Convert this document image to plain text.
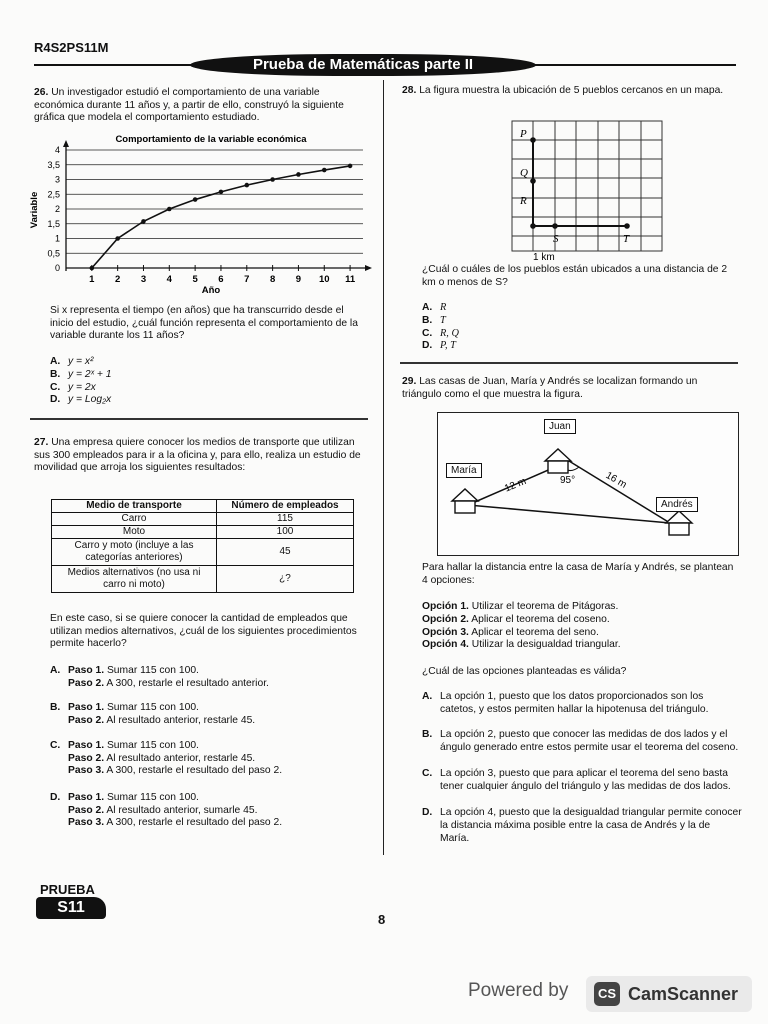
R4S2PS11M
Prueba de Matemáticas parte II
26. Un investigador estudió el comportamiento de una variable económica durante 11 años y, a partir de ello, construyó la siguiente gráfica que modela el comportamiento estudiado.
Comportamiento de la variable económica
0
0,5
1
1,5
2
2,5
3
3,5
4
1 2 3 4 5 6 7 8 9 10 11
Año
Variable
Si x representa el tiempo (en años) que ha transcurrido desde el inicio del estudio, ¿cuál función representa el comportamiento de la variable durante los 11 años?
A. y = x²
B. y = 2ˣ + 1
C. y = 2x
D. y = Log₂x
27. Una empresa quiere conocer los medios de transporte que utilizan sus 300 empleados para ir a la oficina y, para ello, realiza un estudio de movilidad que arroja los siguientes resultados:
Medio de transporte	Número de empleados
Carro	115
Moto	100
Carro y moto (incluye a las categorías anteriores)	45
Medios alternativos (no usa ni carro ni moto)	¿?
En este caso, si se quiere conocer la cantidad de empleados que utilizan medios alternativos, ¿cuál de los siguientes procedimientos permite hacerlo?
A. Paso 1. Sumar 115 con 100.
Paso 2. A 300, restarle el resultado anterior.
B. Paso 1. Sumar 115 con 100.
Paso 2. Al resultado anterior, restarle 45.
C. Paso 1. Sumar 115 con 100.
Paso 2. Al resultado anterior, restarle 45.
Paso 3. A 300, restarle el resultado del paso 2.
D. Paso 1. Sumar 115 con 100.
Paso 2. Al resultado anterior, sumarle 45.
Paso 3. A 300, restarle el resultado del paso 2.
28. La figura muestra la ubicación de 5 pueblos cercanos en un mapa.
P
Q
R
S	T
1 km
¿Cuál o cuáles de los pueblos están ubicados a una distancia de 2 km o menos de S?
A. R
B. T
C. R, Q
D. P, T
29. Las casas de Juan, María y Andrés se localizan formando un triángulo como el que muestra la figura.
12 m	16 m
95°
Juan
María
Andrés
Para hallar la distancia entre la casa de María y Andrés, se plantean 4 opciones:
Opción 1. Utilizar el teorema de Pitágoras.
Opción 2. Aplicar el teorema del coseno.
Opción 3. Aplicar el teorema del seno.
Opción 4. Utilizar la desigualdad triangular.
¿Cuál de las opciones planteadas es válida?
A. La opción 1, puesto que los datos proporcionados son los catetos, y estos permiten hallar la hipotenusa del triángulo.
B. La opción 2, puesto que conocer las medidas de dos lados y el ángulo generado entre estos permite usar el teorema del coseno.
C. La opción 3, puesto que para aplicar el teorema del seno basta tener cualquier ángulo del triángulo y las medidas de dos lados.
D. La opción 4, puesto que la desigualdad triangular permite conocer la distancia máxima posible entre la casa de Andrés y la de María.
PRUEBA
S11
8
Powered by	CS CamScanner
